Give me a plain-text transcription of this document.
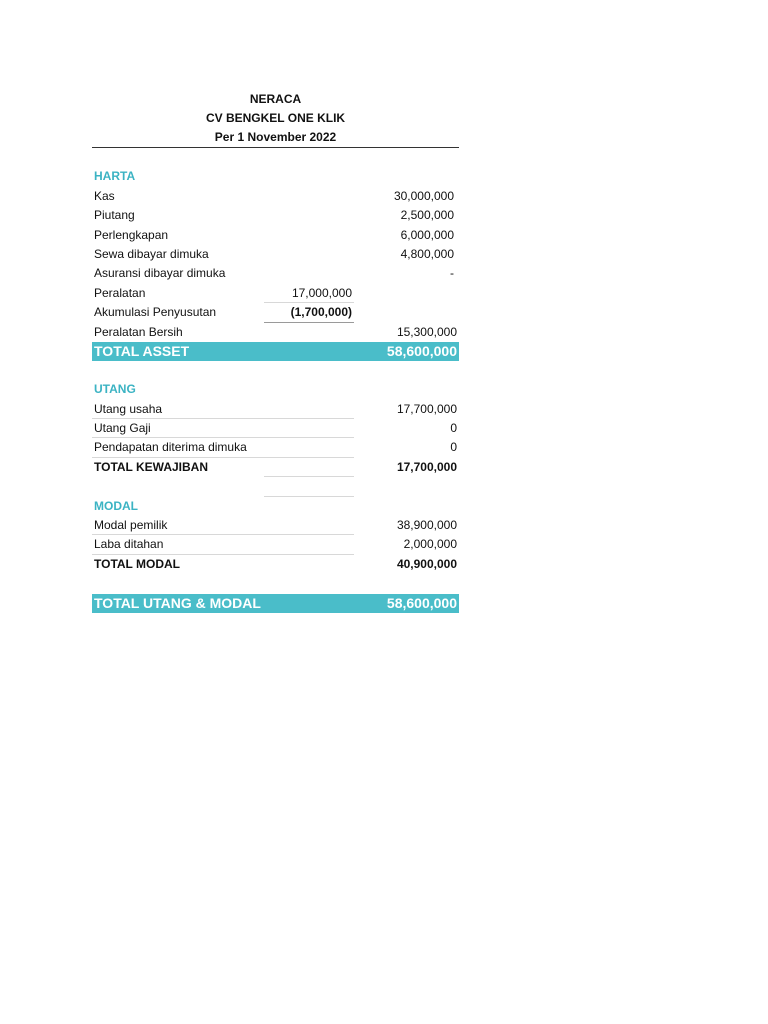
NERACA
CV BENGKEL ONE KLIK
Per 1 November 2022
HARTA
Kas	30,000,000
Piutang	2,500,000
Perlengkapan	6,000,000
Sewa dibayar dimuka	4,800,000
Asuransi dibayar dimuka	-
Peralatan	17,000,000
Akumulasi Penyusutan	(1,700,000)
Peralatan Bersih	15,300,000
TOTAL ASSET	58,600,000
UTANG
Utang usaha	17,700,000
Utang Gaji	0
Pendapatan diterima dimuka	0
TOTAL KEWAJIBAN	17,700,000
MODAL
Modal pemilik	38,900,000
Laba ditahan	2,000,000
TOTAL MODAL	40,900,000
TOTAL UTANG & MODAL	58,600,000
